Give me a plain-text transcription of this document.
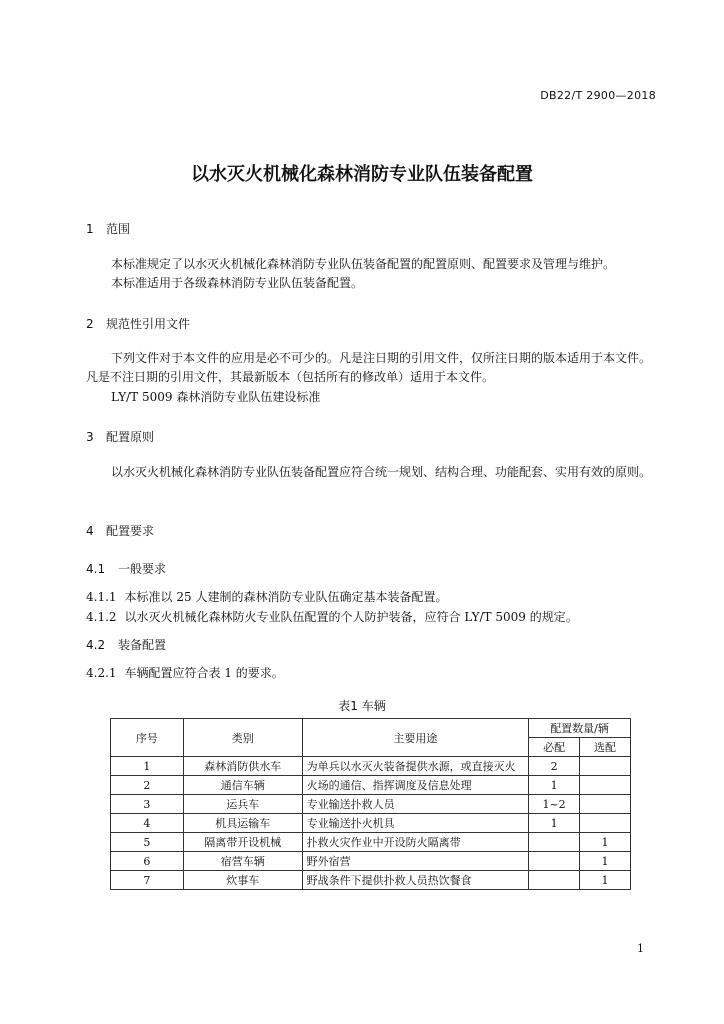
DB22/T 2900—2018
以水灭火机械化森林消防专业队伍装备配置
1 范围
本标准规定了以水灭火机械化森林消防专业队伍装备配置的配置原则、配置要求及管理与维护。
本标准适用于各级森林消防专业队伍装备配置。
2 规范性引用文件
下列文件对于本文件的应用是必不可少的。凡是注日期的引用文件，仅所注日期的版本适用于本文件。凡是不注日期的引用文件，其最新版本（包括所有的修改单）适用于本文件。
LY/T 5009 森林消防专业队伍建设标准
3 配置原则
以水灭火机械化森林消防专业队伍装备配置应符合统一规划、结构合理、功能配套、实用有效的原则。
4 配置要求
4.1 一般要求
4.1.1 本标准以 25 人建制的森林消防专业队伍确定基本装备配置。
4.1.2 以水灭火机械化森林防火专业队伍配置的个人防护装备，应符合 LY/T 5009 的规定。
4.2 装备配置
4.2.1 车辆配置应符合表 1 的要求。
表1 车辆
序号	类别	主要用途	配置数量/辆	
			必配	选配
1	森林消防供水车	为单兵以水灭火装备提供水源，或直接灭火	2	
2	通信车辆	火场的通信、指挥调度及信息处理	1	
3	运兵车	专业输送扑救人员	1~2	
4	机具运输车	专业输送扑火机具	1	
5	隔离带开设机械	扑救火灾作业中开设防火隔离带		1
6	宿营车辆	野外宿营		1
7	炊事车	野战条件下提供扑救人员热饮餐食		1
1
